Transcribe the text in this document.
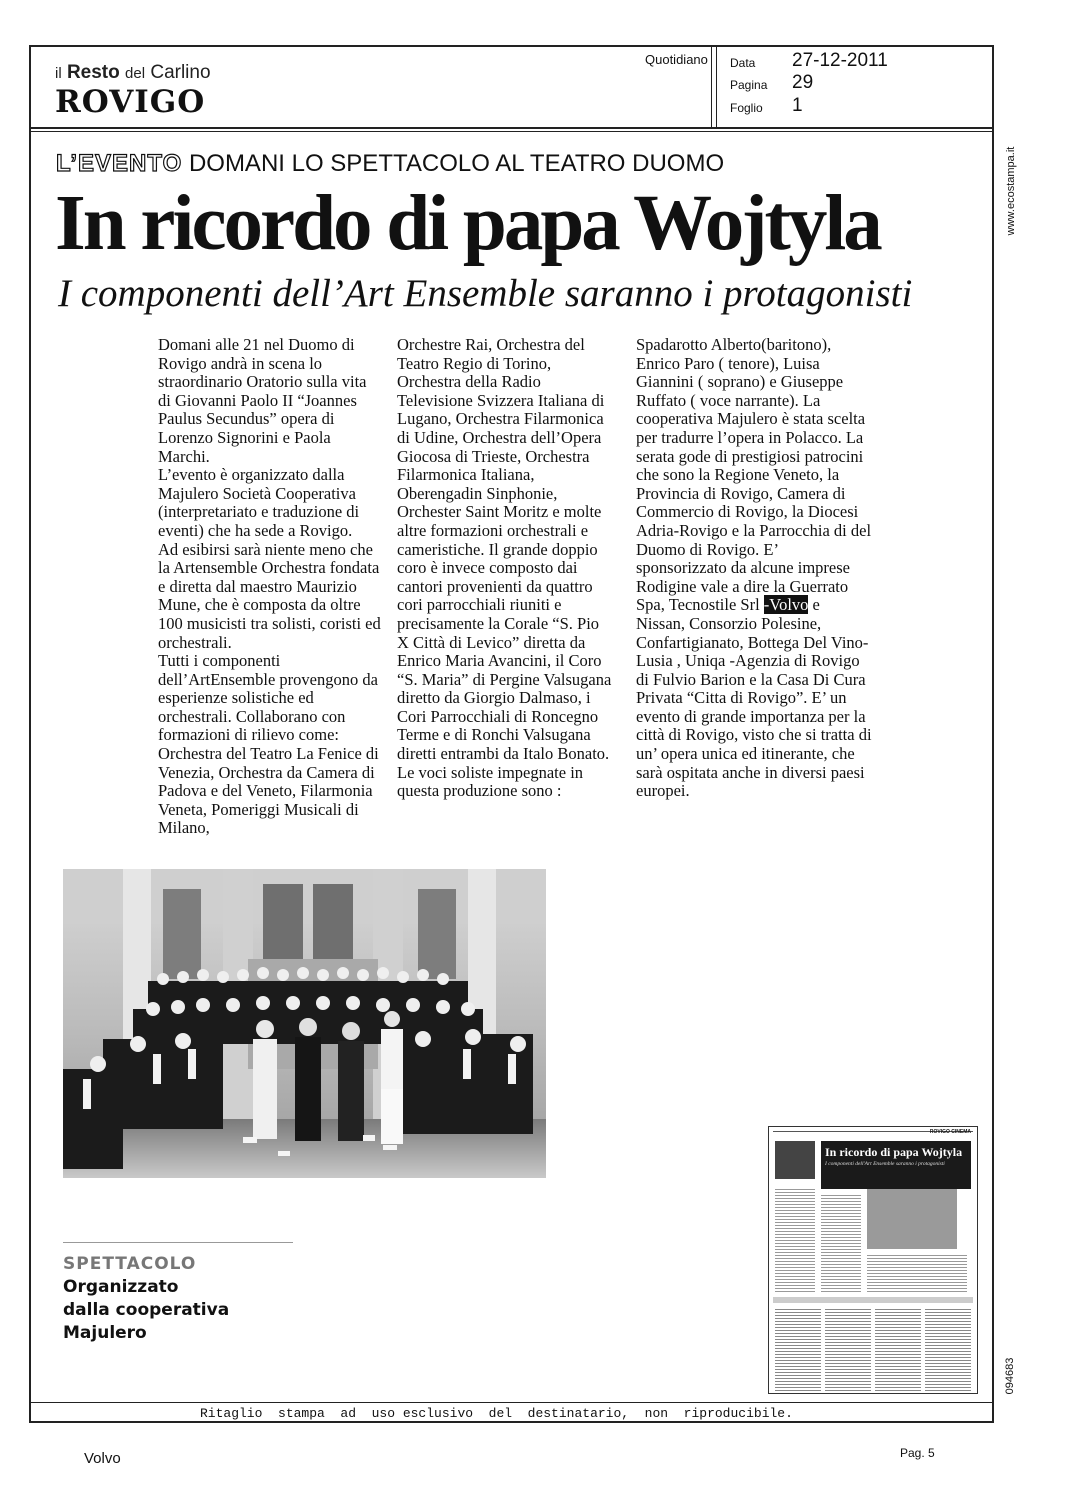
il Resto del Carlino
ROVIGO
Quotidiano Data 27-12-2011
Pagina 29
Foglio 1
www.ecostampa.it
094683
L’EVENTO DOMANI LO SPETTACOLO AL TEATRO DUOMO
In ricordo di papa Wojtyla
I componenti dell’Art Ensemble saranno i protagonisti

Domani alle 21 nel Duomo di Rovigo andrà in scena lo straordinario Oratorio sulla vita di Giovanni Paolo II “Joannes Paulus Secundus” opera di Lorenzo Signorini e Paola Marchi.

L’evento è organizzato dalla Majulero Società Cooperativa (interpretariato e traduzione di eventi) che ha sede a Rovigo.

Ad esibirsi sarà niente meno che la Artensemble Orchestra fondata e diretta dal maestro Maurizio Mune, che è composta da oltre 100 musicisti tra solisti, coristi ed orchestrali.

Tutti i componenti dell’ArtEnsemble provengono da esperienze solistiche ed orchestrali. Collaborano con formazioni di rilievo come: Orchestra del Teatro La Fenice di Venezia, Orchestra da Camera di Padova e del Veneto, Filarmonia Veneta, Pomeriggi Musicali di Milano,

Orchestre Rai, Orchestra del Teatro Regio di Torino, Orchestra della Radio Televisione Svizzera Italiana di Lugano, Orchestra Filarmonica di Udine, Orchestra dell’Opera Giocosa di Trieste, Orchestra Filarmonica Italiana, Oberengadin Sinphonie, Orchester Saint Moritz e molte altre formazioni orchestrali e cameristiche. Il grande doppio coro è invece composto dai cantori provenienti da quattro cori parrocchiali riuniti e precisamente la Corale “S. Pio X Città di Levico” diretta da Enrico Maria Avancini, il Coro “S. Maria” di Pergine Valsugana diretto da Giorgio Dalmaso, i Cori Parrocchiali di Roncegno Terme e di Ronchi Valsugana diretti entrambi da Italo Bonato. Le voci soliste impegnate in questa produzione sono :

Spadarotto Alberto(baritono), Enrico Paro ( tenore), Luisa Giannini ( soprano) e Giuseppe Ruffato ( voce narrante). La cooperativa Majulero è stata scelta per tradurre l’opera in Polacco. La serata gode di prestigiosi patrocini che sono la Regione Veneto, la Provincia di Rovigo, Camera di Commercio di Rovigo, la Diocesi Adria-Rovigo e la Parrocchia di del Duomo di Rovigo. E’ sponsorizzato da alcune imprese Rodigine vale a dire la Guerrato Spa, Tecnostile Srl -Volvo e Nissan, Consorzio Polesine, Confartigianato, Bottega Del Vino-Lusia , Uniqa -Agenzia di Rovigo di Fulvio Barion e la Casa Di Cura Privata “Citta di Rovigo”. E’ un evento di grande importanza per la città di Rovigo, visto che si tratta di un’ opera unica ed itinerante, che sarà ospitata anche in diversi paesi europei.

SPETTACOLO
Organizzato
dalla cooperativa
Majulero
ROVIGO CINEMA
In ricordo di papa Wojtyla
I componenti dell'Art Ensemble saranno i protagonisti
Ritaglio  stampa  ad  uso esclusivo  del  destinatario,  non  riproducibile.
Volvo	Pag. 5
